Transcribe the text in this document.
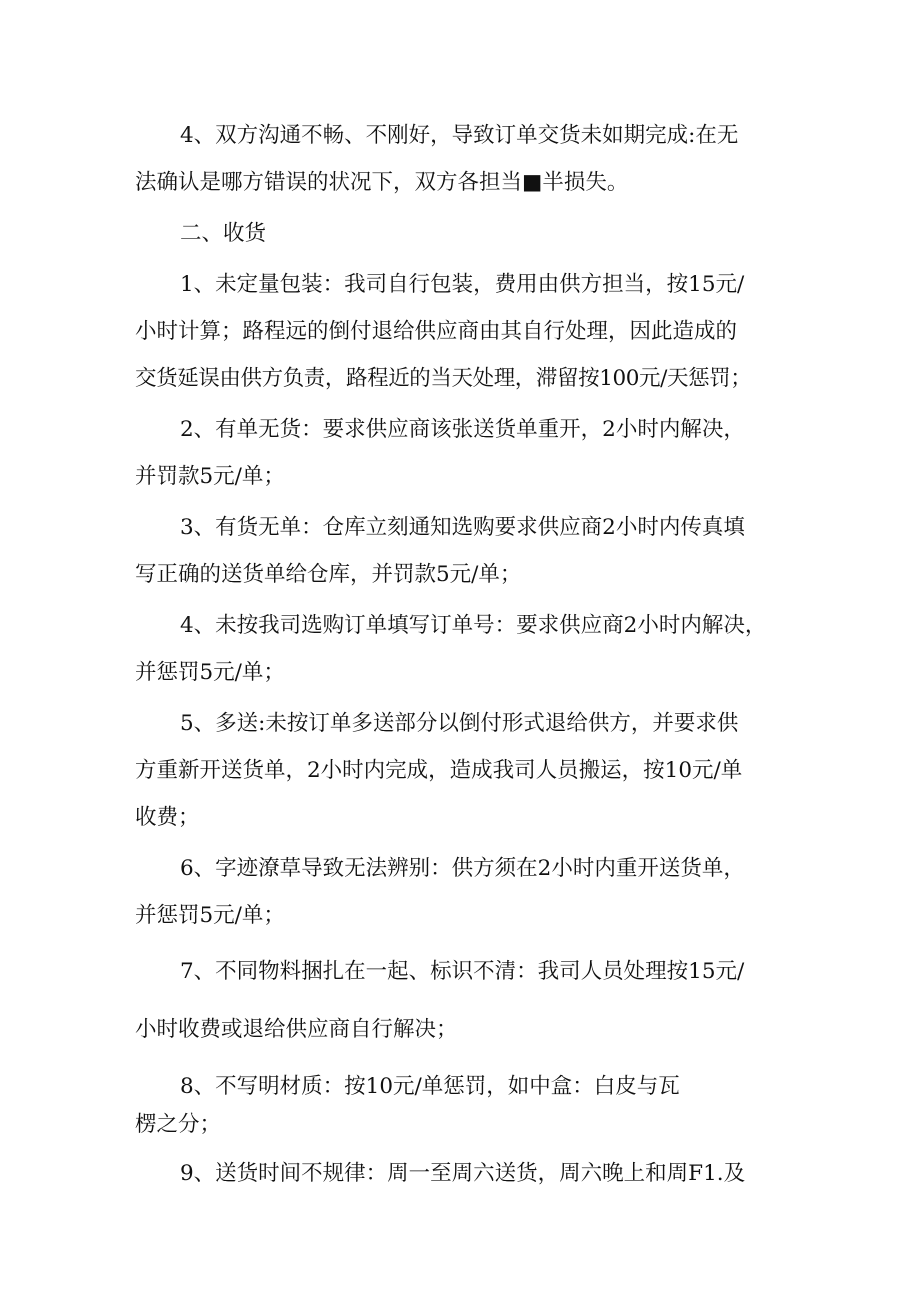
4、双方沟通不畅、不刚好，导致订单交货未如期完成:在无
法确认是哪方错误的状况下，双方各担当■半损失。
二、收货
1、未定量包装：我司自行包装，费用由供方担当，按15元/
小时计算；路程远的倒付退给供应商由其自行处理，因此造成的
交货延误由供方负责，路程近的当天处理，滞留按100元/天惩罚；
2、有单无货：要求供应商该张送货单重开，2小时内解决，
并罚款5元/单；
3、有货无单：仓库立刻通知选购要求供应商2小时内传真填
写正确的送货单给仓库，并罚款5元/单；
4、未按我司选购订单填写订单号：要求供应商2小时内解决，
并惩罚5元/单；
5、多送:未按订单多送部分以倒付形式退给供方，并要求供
方重新开送货单，2小时内完成，造成我司人员搬运，按10元/单
收费；
6、字迹潦草导致无法辨别：供方须在2小时内重开送货单，
并惩罚5元/单；
7、不同物料捆扎在一起、标识不清：我司人员处理按15元/
小时收费或退给供应商自行解决；
8、不写明材质：按10元/单惩罚，如中盒：白皮与瓦
楞之分；
9、送货时间不规律：周一至周六送货，周六晚上和周F1.及
